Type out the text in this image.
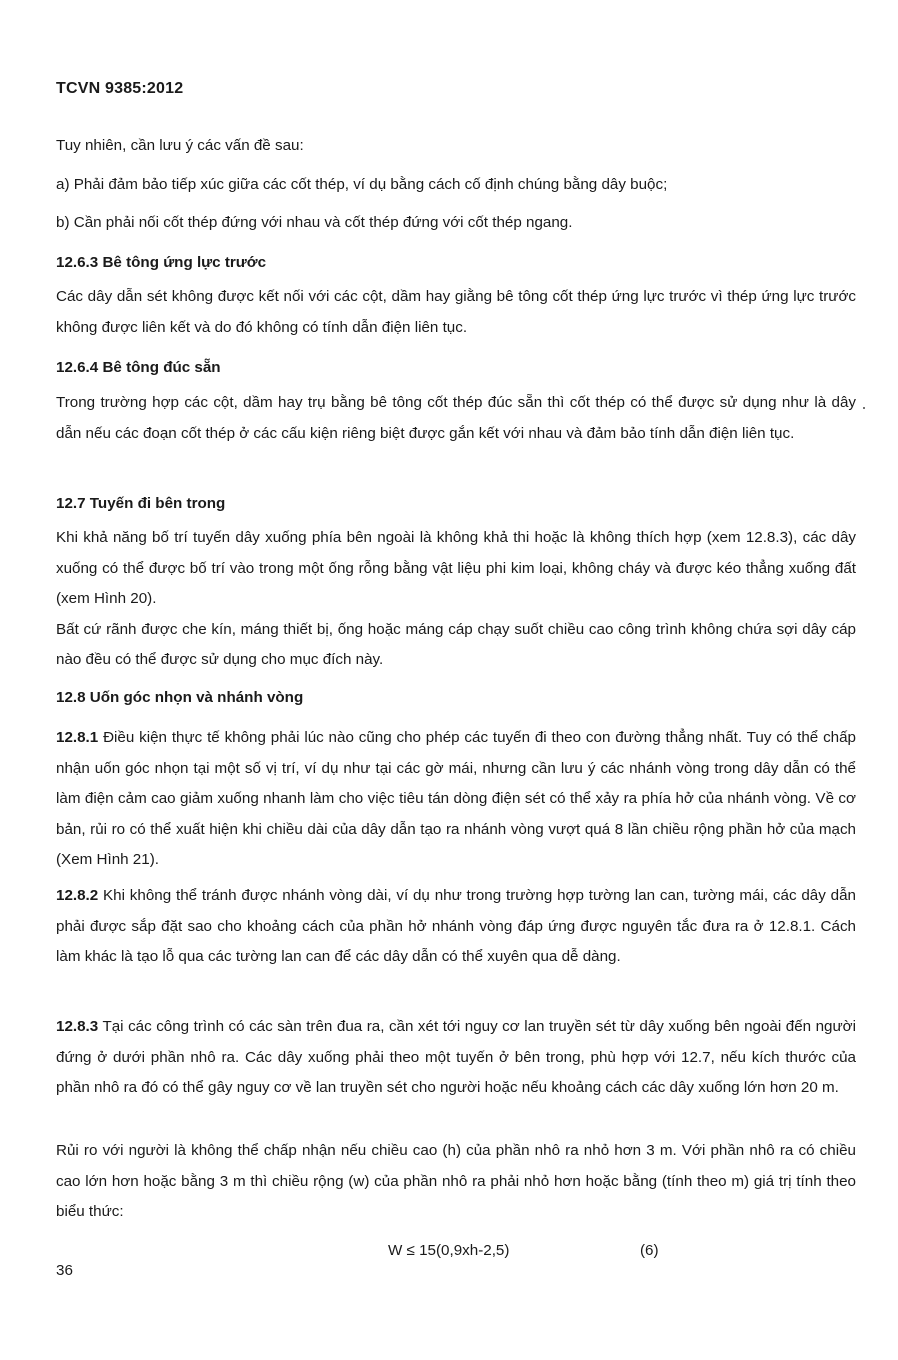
TCVN 9385:2012

Tuy nhiên, cần lưu ý các vấn đề sau:

a) Phải đảm bảo tiếp xúc giữa các cốt thép, ví dụ bằng cách cố định chúng bằng dây buộc;

b) Cần phải nối cốt thép đứng với nhau và cốt thép đứng với cốt thép ngang.

12.6.3 Bê tông ứng lực trước

Các dây dẫn sét không được kết nối với các cột, dầm hay giằng bê tông cốt thép ứng lực trước vì thép ứng lực trước không được liên kết và do đó không có tính dẫn điện liên tục.

12.6.4 Bê tông đúc sẵn

Trong trường hợp các cột, dầm hay trụ bằng bê tông cốt thép đúc sẵn thì cốt thép có thể được sử dụng như là dây dẫn nếu các đoạn cốt thép ở các cấu kiện riêng biệt được gắn kết với nhau và đảm bảo tính dẫn điện liên tục.

12.7 Tuyến đi bên trong

Khi khả năng bố trí tuyến dây xuống phía bên ngoài là không khả thi hoặc là không thích hợp (xem 12.8.3), các dây xuống có thể được bố trí vào trong một ống rỗng bằng vật liệu phi kim loại, không cháy và được kéo thẳng xuống đất (xem Hình 20).

Bất cứ rãnh được che kín, máng thiết bị, ống hoặc máng cáp chạy suốt chiều cao công trình không chứa sợi dây cáp nào đều có thể được sử dụng cho mục đích này.

12.8 Uốn góc nhọn và nhánh vòng

12.8.1 Điều kiện thực tế không phải lúc nào cũng cho phép các tuyến đi theo con đường thẳng nhất. Tuy có thể chấp nhận uốn góc nhọn tại một số vị trí, ví dụ như tại các gờ mái, nhưng cần lưu ý các nhánh vòng trong dây dẫn có thể làm điện cảm cao giảm xuống nhanh làm cho việc tiêu tán dòng điện sét có thể xảy ra phía hở của nhánh vòng. Về cơ bản, rủi ro có thể xuất hiện khi chiều dài của dây dẫn tạo ra nhánh vòng vượt quá 8 lần chiều rộng phần hở của mạch (Xem Hình 21).

12.8.2 Khi không thể tránh được nhánh vòng dài, ví dụ như trong trường hợp tường lan can, tường mái, các dây dẫn phải được sắp đặt sao cho khoảng cách của phần hở nhánh vòng đáp ứng được nguyên tắc đưa ra ở 12.8.1. Cách làm khác là tạo lỗ qua các tường lan can để các dây dẫn có thể xuyên qua dễ dàng.

12.8.3 Tại các công trình có các sàn trên đua ra, cần xét tới nguy cơ lan truyền sét từ dây xuống bên ngoài đến người đứng ở dưới phần nhô ra. Các dây xuống phải theo một tuyến ở bên trong, phù hợp với 12.7, nếu kích thước của phần nhô ra đó có thể gây nguy cơ về lan truyền sét cho người hoặc nếu khoảng cách các dây xuống lớn hơn 20 m.

Rủi ro với người là không thể chấp nhận nếu chiều cao (h) của phần nhô ra nhỏ hơn 3 m. Với phần nhô ra có chiều cao lớn hơn hoặc bằng 3 m thì chiều rộng (w) của phần nhô ra phải nhỏ hơn hoặc bằng (tính theo m) giá trị tính theo biểu thức:

W ≤ 15(0,9xh-2,5)	(6)
36
